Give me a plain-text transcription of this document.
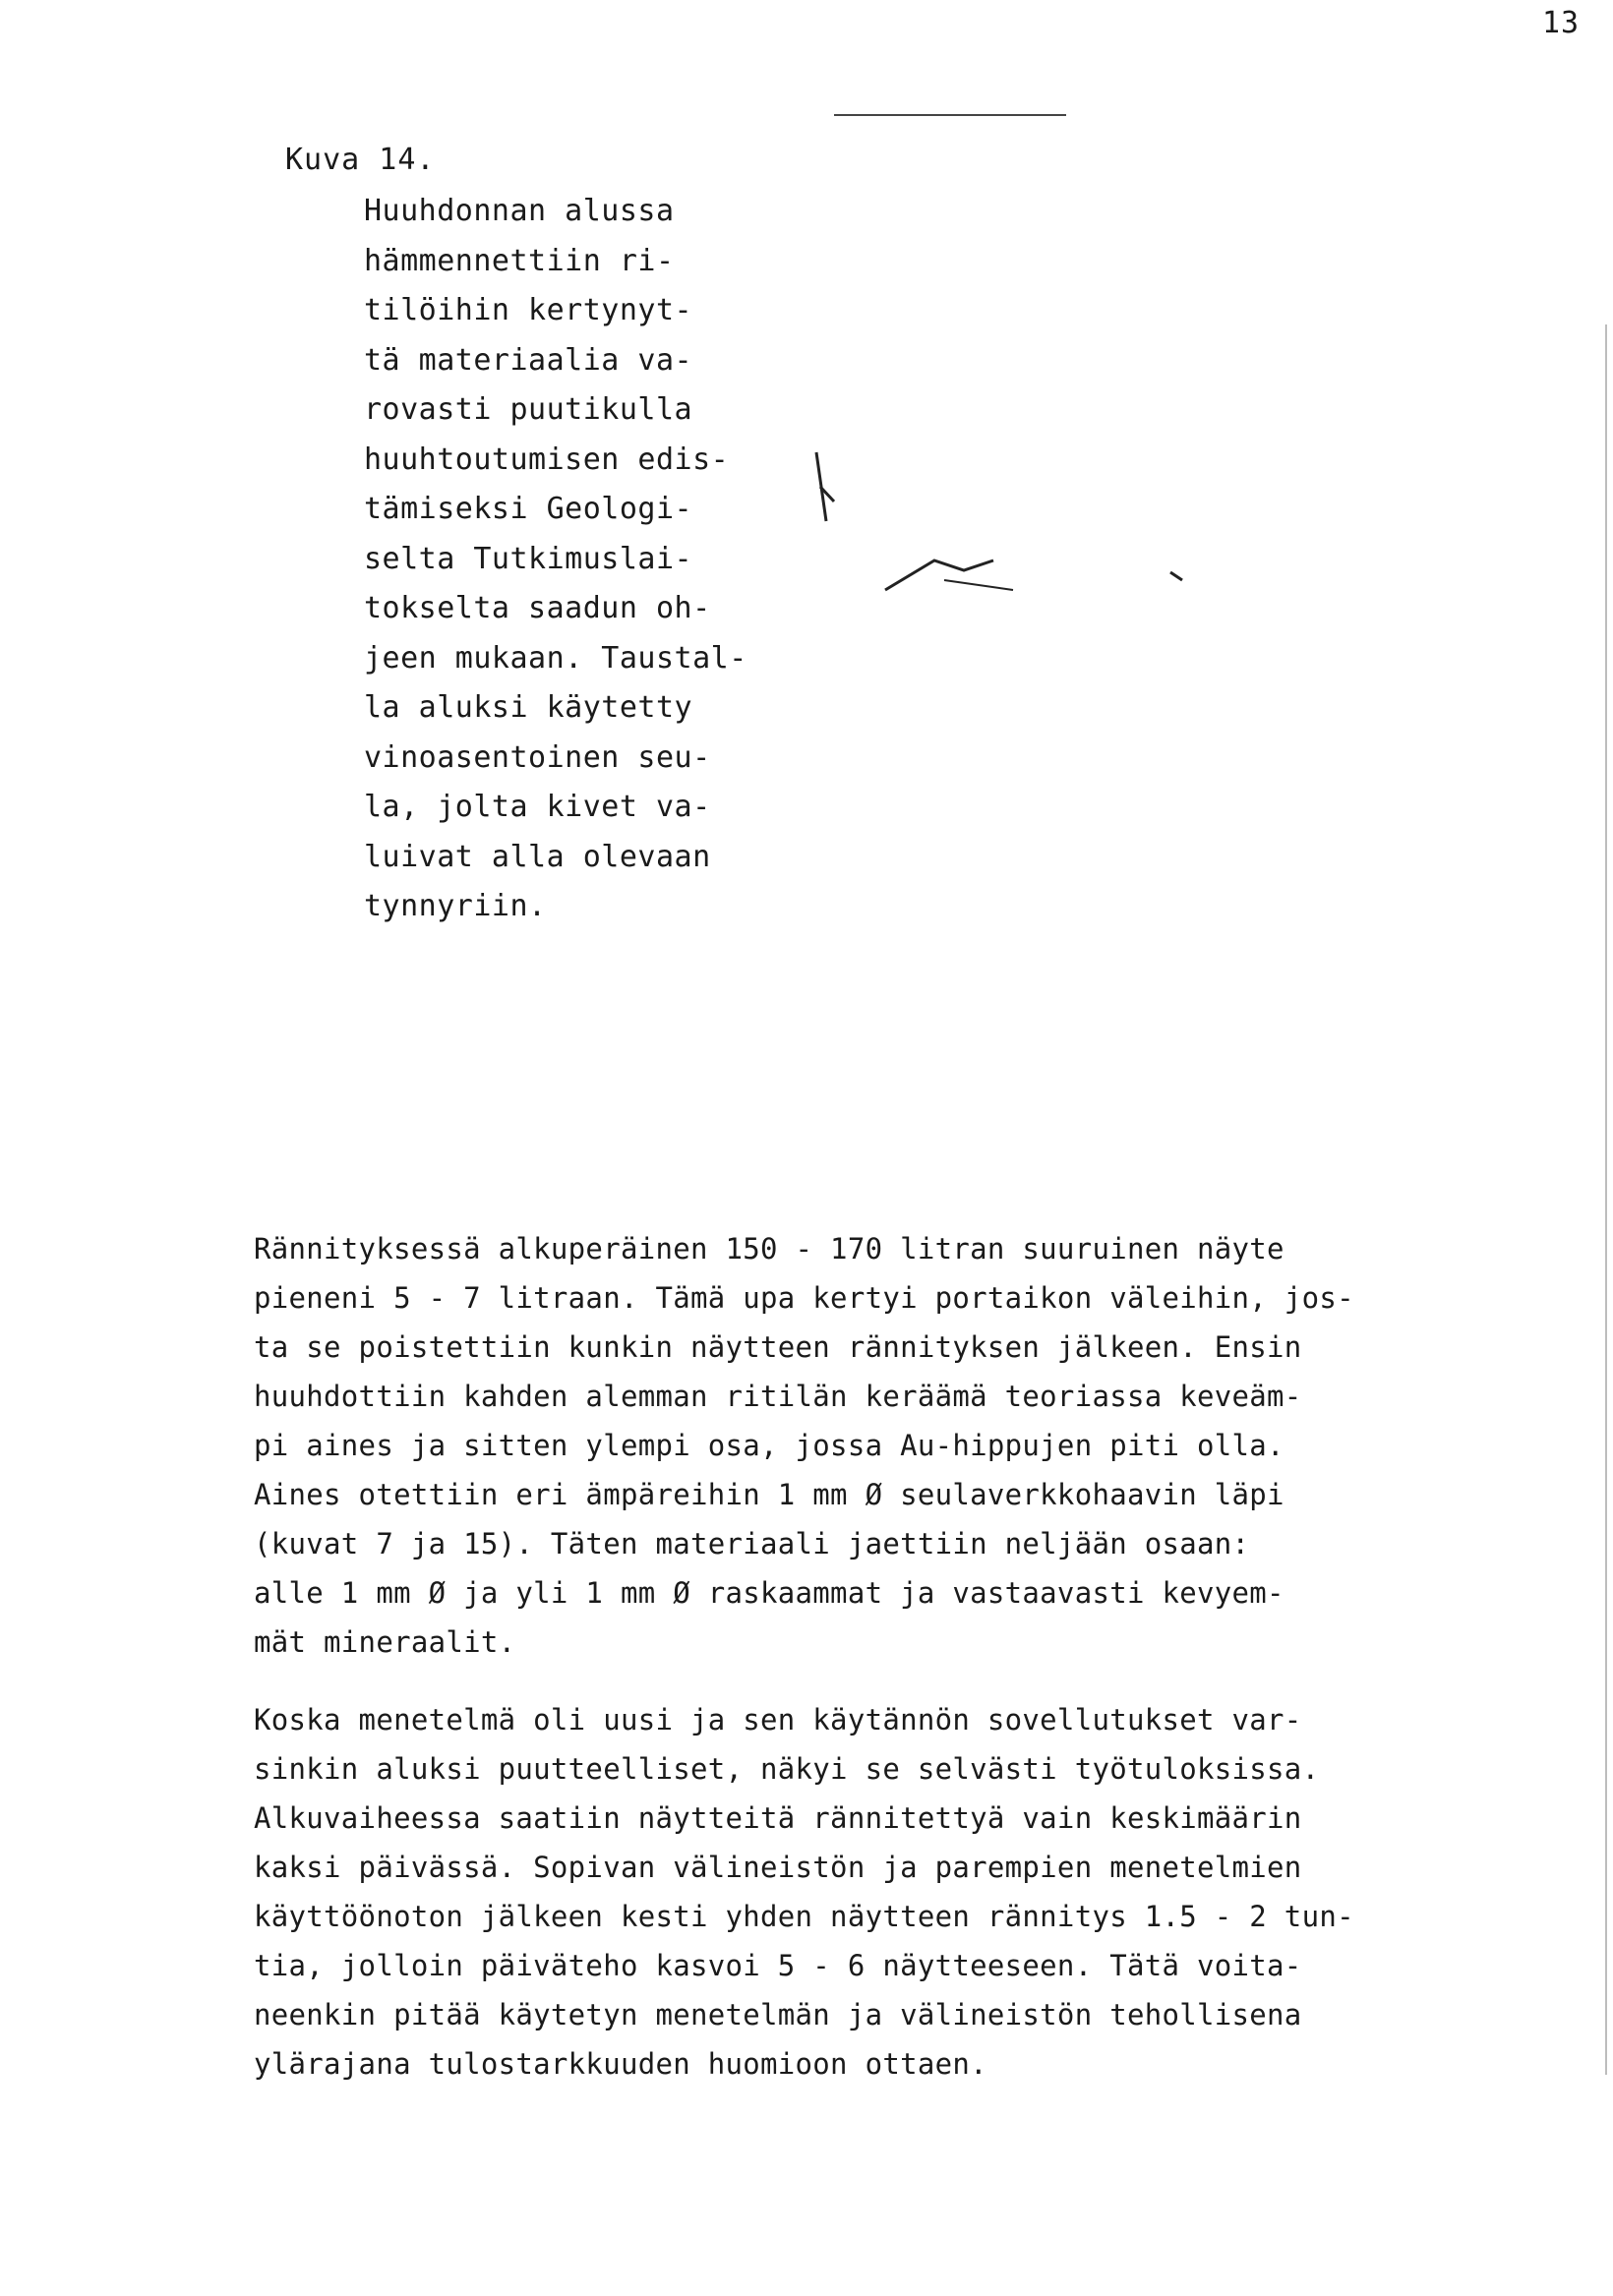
13
Kuva 14.
Huuhdonnan alussa
hämmennettiin ri-
tilöihin kertynyt-
tä materiaalia va-
rovasti puutikulla
huuhtoutumisen edis-
tämiseksi Geologi-
selta Tutkimuslai-
tokselta saadun oh-
jeen mukaan. Taustal-
la aluksi käytetty
vinoasentoinen seu-
la, jolta kivet va-
luivat alla olevaan
tynnyriin.
Rännityksessä alkuperäinen 150 - 170 litran suuruinen näyte
pieneni 5 - 7 litraan. Tämä upa kertyi portaikon väleihin, jos-
ta se poistettiin kunkin näytteen rännityksen jälkeen. Ensin
huuhdottiin kahden alemman ritilän keräämä teoriassa keveäm-
pi aines ja sitten ylempi osa, jossa Au-hippujen piti olla.
Aines otettiin eri ämpäreihin 1 mm Ø seulaverkkohaavin läpi
(kuvat 7 ja 15). Täten materiaali jaettiin neljään osaan:
alle 1 mm Ø ja yli 1 mm Ø raskaammat ja vastaavasti kevyem-
mät mineraalit.
Koska menetelmä oli uusi ja sen käytännön sovellutukset var-
sinkin aluksi puutteelliset, näkyi se selvästi työtuloksissa.
Alkuvaiheessa saatiin näytteitä rännitettyä vain keskimäärin
kaksi päivässä. Sopivan välineistön ja parempien menetelmien
käyttöönoton jälkeen kesti yhden näytteen rännitys 1.5 - 2 tun-
tia, jolloin päiväteho kasvoi 5 - 6 näytteeseen. Tätä voita-
neenkin pitää käytetyn menetelmän ja välineistön tehollisena
ylärajana tulostarkkuuden huomioon ottaen.
